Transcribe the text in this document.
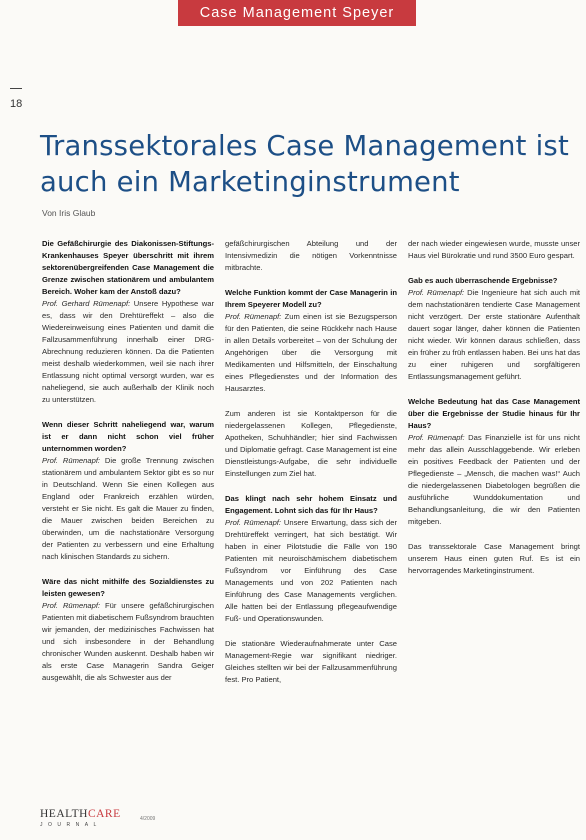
Case Management Speyer
18
Transsektorales Case Management ist auch ein Marketinginstrument
Von Iris Glaub

Die Gefäßchirurgie des Diakonissen-Stiftungs-Krankenhauses Speyer überschritt mit ihrem sektorenübergreifenden Case Management die Grenze zwischen stationärem und ambulantem Bereich. Woher kam der Anstoß dazu?

Prof. Gerhard Rümenapf: Unsere Hypothese war es, dass wir den Drehtüreffekt – also die Wiedereinweisung eines Patienten und damit die Fallzusammenführung innerhalb einer DRG-Abrechnung reduzieren können. Da die Patienten meist deshalb wiederkommen, weil sie nach ihrer Entlassung nicht optimal versorgt wurden, war es naheliegend, sie auch außerhalb der Klinik noch zu unterstützen.

Wenn dieser Schritt naheliegend war, warum ist er dann nicht schon viel früher unternommen worden?

Prof. Rümenapf: Die große Trennung zwischen stationärem und ambulantem Sektor gibt es so nur in Deutschland. Wenn Sie einen Kollegen aus England oder Frankreich erzählen würden, versteht er Sie nicht. Es galt die Mauer zu finden, die Mauer zwischen beiden Bereichen zu überwinden, um die nachstationäre Versorgung der Patienten zu verbessern und eine Erhaltung nach klinischen Standards zu sichern.

Wäre das nicht mithilfe des Sozialdienstes zu leisten gewesen?

Prof. Rümenapf: Für unsere gefäßchirurgischen Patienten mit diabetischem Fußsyndrom brauchten wir jemanden, der medizinisches Fachwissen hat und sich insbesondere in der Behandlung chronischer Wunden auskennt. Deshalb haben wir als erste Case Managerin Sandra Geiger ausgewählt, die als Schwester aus der

gefäßchirurgischen Abteilung und der Intensivmedizin die nötigen Vorkenntnisse mitbrachte.

Welche Funktion kommt der Case Managerin in Ihrem Speyerer Modell zu?

Prof. Rümenapf: Zum einen ist sie Bezugsperson für den Patienten, die seine Rückkehr nach Hause in allen Details vorbereitet – von der Schulung der Angehörigen über die Versorgung mit Medikamenten und Hilfsmitteln, der Einschaltung eines Pflegedienstes und der Information des Hausarztes.

Zum anderen ist sie Kontaktperson für die niedergelassenen Kollegen, Pflegedienste, Apotheken, Schuhhändler; hier sind Fachwissen und Diplomatie gefragt. Case Management ist eine Dienstleistungs-Aufgabe, die sehr individuelle Einstellungen zum Ziel hat.

Das klingt nach sehr hohem Einsatz und Engagement. Lohnt sich das für Ihr Haus?

Prof. Rümenapf: Unsere Erwartung, dass sich der Drehtüreffekt verringert, hat sich bestätigt. Wir haben in einer Pilotstudie die Fälle von 190 Patienten mit neuroischämischem diabetischem Fußsyndrom vor Einführung des Case Managements und von 202 Patienten nach Einführung des Case Managements verglichen. Alle hatten bei der Entlassung pflegeaufwendige Fuß- und Operationswunden.

Die stationäre Wiederaufnahmerate unter Case Management-Regie war signifikant niedriger. Gleiches stellten wir bei der Fallzusammenführung fest. Pro Patient,

der nach wieder eingewiesen wurde, musste unser Haus viel Bürokratie und rund 3500 Euro gespart.

Gab es auch überraschende Ergebnisse?

Prof. Rümenapf: Die Ingenieure hat sich auch mit dem nachstationären tendierte Case Management nicht verzögert. Der erste stationäre Aufenthalt dauert sogar länger, daher können die Patienten nicht wieder. Wir können daraus schließen, dass ein früher zu früh entlassen haben. Bei uns hat das zu einer ruhigeren und sorgfältigeren Entlassungsmanagement geführt.

Welche Bedeutung hat das Case Management über die Ergebnisse der Studie hinaus für Ihr Haus?

Prof. Rümenapf: Das Finanzielle ist für uns nicht mehr das allein Ausschlaggebende. Wir erleben ein positives Feedback der Patienten und der Pflegedienste – „Mensch, die machen was!“ Auch die niedergelassenen Diabetologen begrüßen die ausführliche Wunddokumentation und Behandlungsanleitung, die wir den Patienten mitgeben.

Das transsektorale Case Management bringt unserem Haus einen guten Ruf. Es ist ein hervorragendes Marketinginstrument.

HEALTHCARE
JOURNAL
4/2009
